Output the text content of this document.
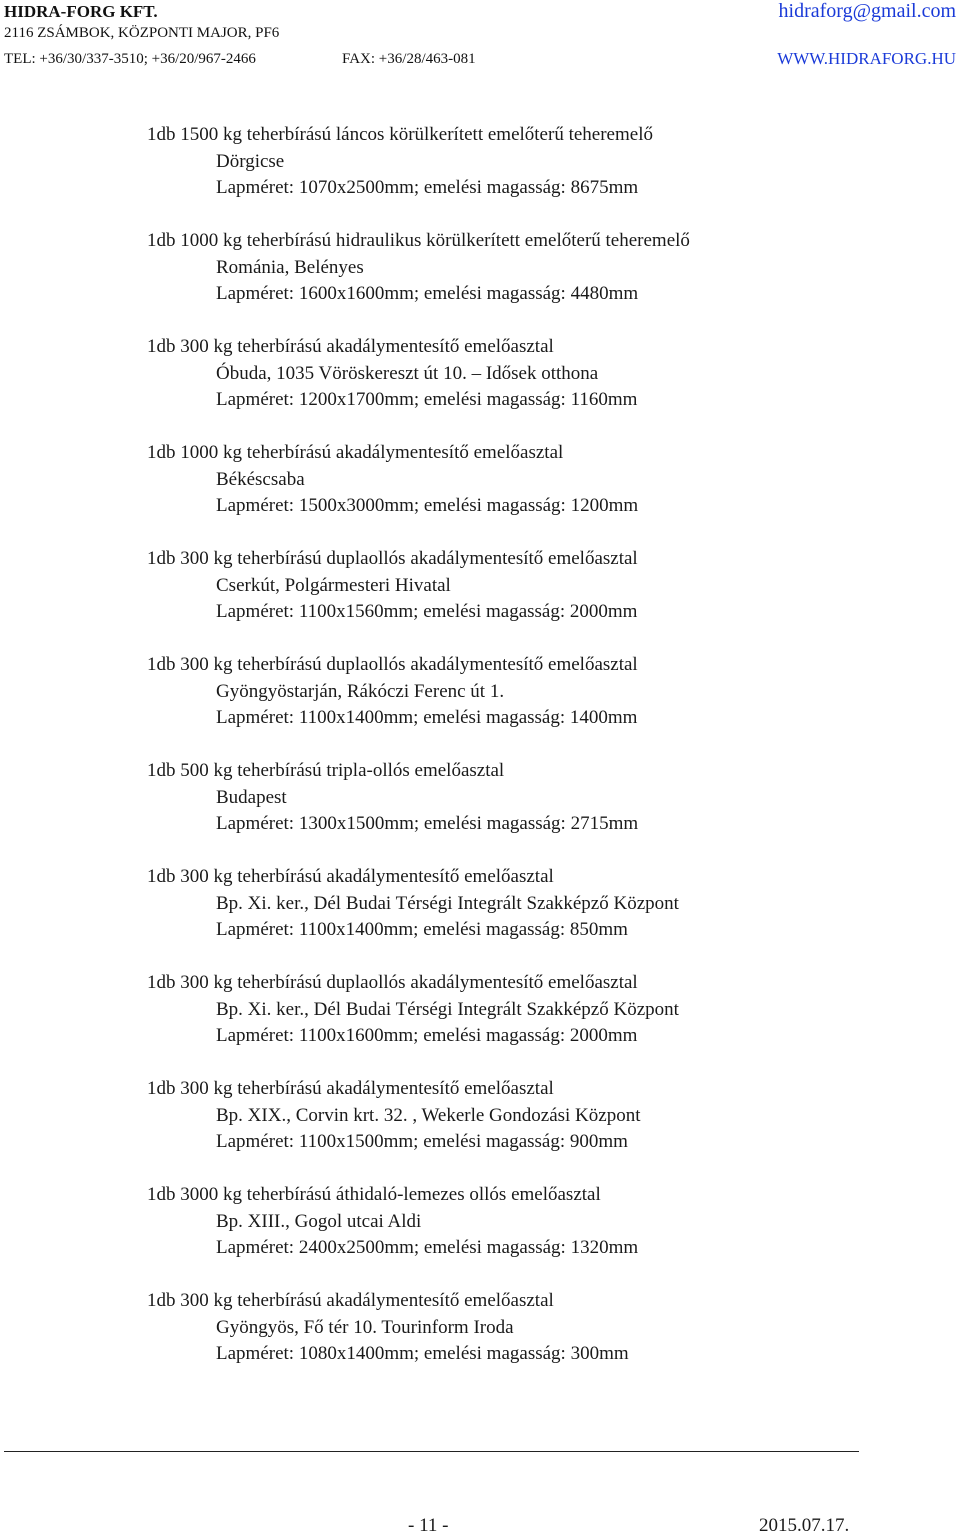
HIDRA-FORG KFT.
2116 ZSÁMBOK, KÖZPONTI MAJOR, PF6
TEL: +36/30/337-3510; +36/20/967-2466	FAX: +36/28/463-081
hidraforg@gmail.com
WWW.HIDRAFORG.HU
1db 1500 kg teherbírású láncos körülkerített emelőterű teheremelő
Dörgicse
Lapméret: 1070x2500mm; emelési magasság: 8675mm
1db 1000 kg teherbírású hidraulikus körülkerített emelőterű teheremelő
Románia, Belényes
Lapméret: 1600x1600mm; emelési magasság: 4480mm
1db 300 kg teherbírású akadálymentesítő emelőasztal
Óbuda, 1035 Vöröskereszt út 10. – Idősek otthona
Lapméret: 1200x1700mm; emelési magasság: 1160mm
1db 1000 kg teherbírású akadálymentesítő emelőasztal
Békéscsaba
Lapméret: 1500x3000mm; emelési magasság: 1200mm
1db 300 kg teherbírású duplaollós akadálymentesítő emelőasztal
Cserkút, Polgármesteri Hivatal
Lapméret: 1100x1560mm; emelési magasság: 2000mm
1db 300 kg teherbírású duplaollós akadálymentesítő emelőasztal
Gyöngyöstarján, Rákóczi Ferenc út 1.
Lapméret: 1100x1400mm; emelési magasság: 1400mm
1db 500 kg teherbírású tripla-ollós emelőasztal
Budapest
Lapméret: 1300x1500mm; emelési magasság: 2715mm
1db 300 kg teherbírású akadálymentesítő emelőasztal
Bp. Xi. ker., Dél Budai Térségi Integrált Szakképző Központ
Lapméret: 1100x1400mm; emelési magasság: 850mm
1db 300 kg teherbírású duplaollós akadálymentesítő emelőasztal
Bp. Xi. ker., Dél Budai Térségi Integrált Szakképző Központ
Lapméret: 1100x1600mm; emelési magasság: 2000mm
1db 300 kg teherbírású akadálymentesítő emelőasztal
Bp. XIX., Corvin krt. 32. , Wekerle Gondozási Központ
Lapméret: 1100x1500mm; emelési magasság: 900mm
1db 3000 kg teherbírású áthidaló-lemezes ollós emelőasztal
Bp. XIII., Gogol utcai Aldi
Lapméret: 2400x2500mm; emelési magasság: 1320mm
1db 300 kg teherbírású akadálymentesítő emelőasztal
Gyöngyös, Fő tér 10. Tourinform Iroda
Lapméret: 1080x1400mm; emelési magasság: 300mm
- 11 -	2015.07.17.
